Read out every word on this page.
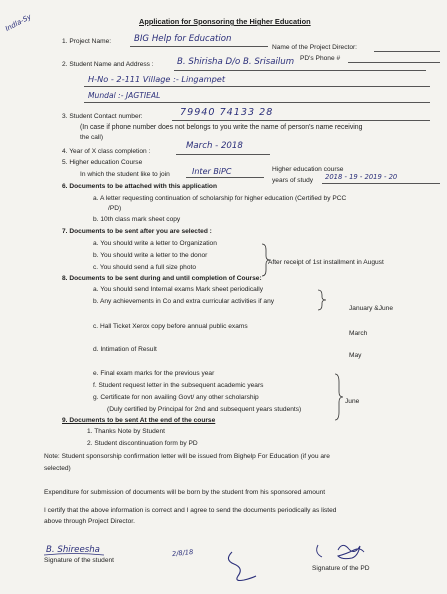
Indla-Sy	Application for Sponsoring the Higher Education
1. Project Name:	BIG Help for Education
Name of the Project Director:
PD's Phone #
2. Student Name and Address :	B. Shirisha D/o B. Srisailum
H-No - 2-111 Village :- Lingampet
Mundal :- JAGTIEAL
3. Student Contact number:	79940 74133 28
(In case if phone number does not belongs to you write the name of person's name receiving
the call)
4. Year of X class completion :
March - 2018
5. Higher education Course
In which the student like to join	Inter BiPC	Higher education course
years of study 2018 - 19 - 2019 - 20
6. Documents to be attached with this application
a. A letter requesting continuation of scholarship for higher education (Certified by PCC
/PD)
b. 10th class mark sheet copy
7. Documents to be sent after you are selected :
a. You should write a letter to Organization
b. You should write a letter to the donor
c. You should send a full size photo
After receipt of 1st installment in August
8. Documents to be sent during and until completion of Course:
a. You should send Internal exams Mark sheet periodically
b. Any achievements in Co and extra curricular activities if any
January &June
c. Hall Ticket Xerox copy before annual public exams
March
d. Intimation of Result
May
e. Final exam marks for the previous year
f. Student request letter in the subsequent academic years
g. Certificate for non availing Govt/ any other scholarship
(Duly certified by Principal for 2nd and subsequent years students)
June
9. Documents to be sent At the end of the course
1. Thanks Note by Student
2. Student discontinuation form by PD
Note: Student sponsorship confirmation letter will be issued from Bighelp For Education (if you are
selected)
Expenditure for submission of documents will be born by the student from his sponsored amount
I certify that the above information is correct and I agree to send the documents periodically as listed
above through Project Director.
B. Shireesha
Signature of the student
2/8/18
Signature of the PD
